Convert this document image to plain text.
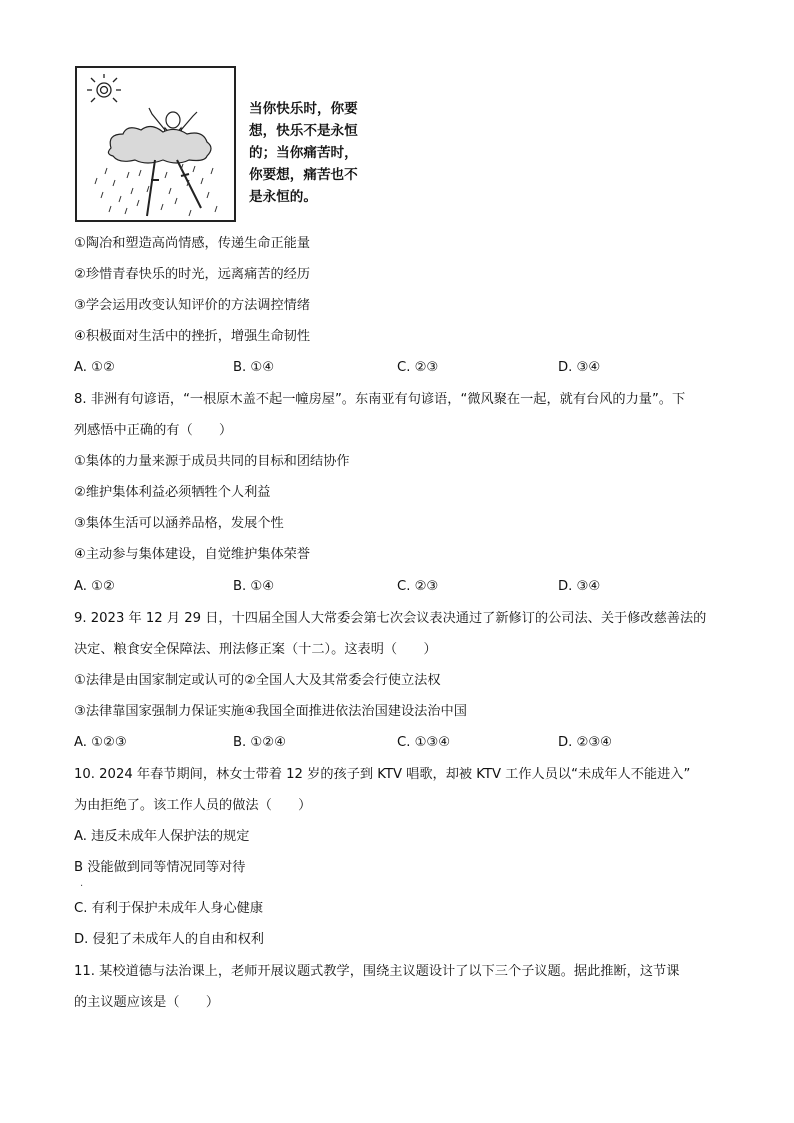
当你快乐时，你要
想，快乐不是永恒
的；当你痛苦时，
你要想，痛苦也不
是永恒的。
①陶冶和塑造高尚情感，传递生命正能量
②珍惜青春快乐的时光，远离痛苦的经历
③学会运用改变认知评价的方法调控情绪
④积极面对生活中的挫折，增强生命韧性
A. ①②	B. ①④	C. ②③	D. ③④
8. 非洲有句谚语，“一根原木盖不起一幢房屋”。东南亚有句谚语，“微风聚在一起，就有台风的力量”。下
列感悟中正确的有（　　）
①集体的力量来源于成员共同的目标和团结协作
②维护集体利益必须牺牲个人利益
③集体生活可以涵养品格，发展个性
④主动参与集体建设，自觉维护集体荣誉
A. ①②	B. ①④	C. ②③	D. ③④
9. 2023 年 12 月 29 日，十四届全国人大常委会第七次会议表决通过了新修订的公司法、关于修改慈善法的
决定、粮食安全保障法、刑法修正案（十二）。这表明（　　）
①法律是由国家制定或认可的②全国人大及其常委会行使立法权
③法律靠国家强制力保证实施④我国全面推进依法治国建设法治中国
A. ①②③	B. ①②④	C. ①③④	D. ②③④
10. 2024 年春节期间，林女士带着 12 岁的孩子到 KTV 唱歌，却被 KTV 工作人员以“未成年人不能进入”
为由拒绝了。该工作人员的做法（　　）
A. 违反未成年人保护法的规定
B 没能做到同等情况同等对待
.
C. 有利于保护未成年人身心健康
D. 侵犯了未成年人的自由和权利
11. 某校道德与法治课上，老师开展议题式教学，围绕主议题设计了以下三个子议题。据此推断，这节课
的主议题应该是（　　）
